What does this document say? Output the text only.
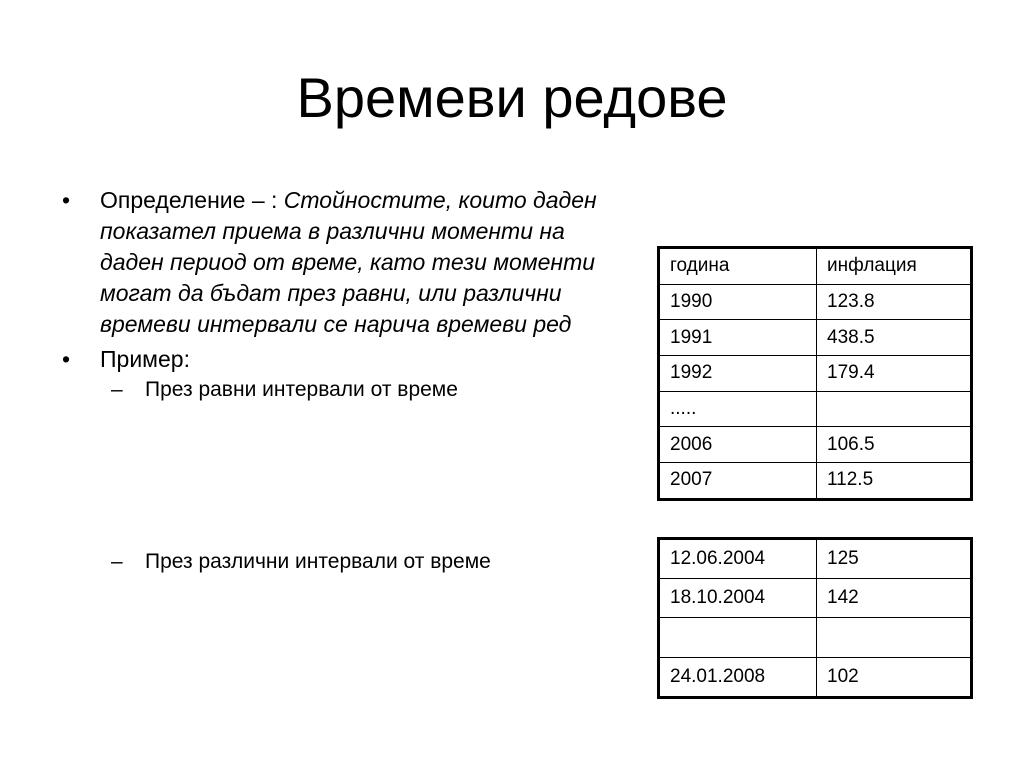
Времеви редове
•	Определение – : Стойностите, които даден показател приема в различни моменти на даден период от време, като тези моменти могат да бъдат през равни, или различни времеви интервали се нарича времеви ред
•	Пример:
– През равни интервали от време
– През различни интервали от време
година	инфлация
1990	123.8
1991	438.5
1992	179.4
.....	
2006	106.5
2007	112.5
12.06.2004	125
18.10.2004	142

24.01.2008	102
